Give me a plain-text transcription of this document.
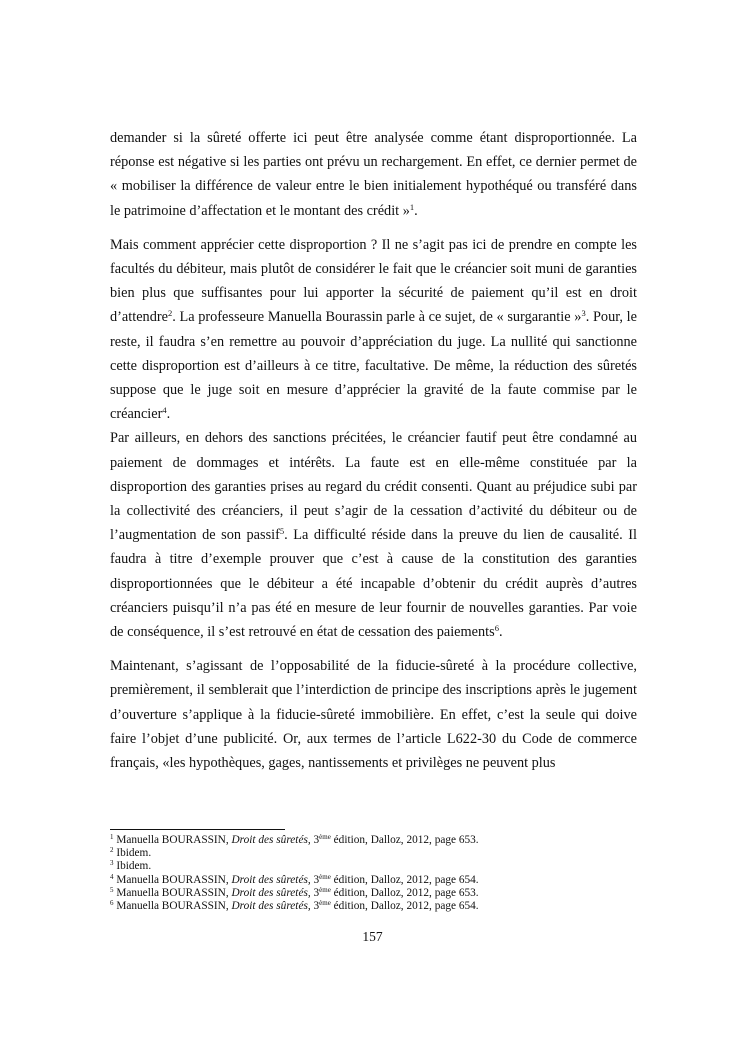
demander si la sûreté offerte ici peut être analysée comme étant disproportionnée. La réponse est négative si les parties ont prévu un rechargement. En effet, ce dernier permet de « mobiliser la différence de valeur entre le bien initialement hypothéqué ou transféré dans le patrimoine d’affectation et le montant des crédit »$^1$.

Mais comment apprécier cette disproportion ? Il ne s’agit pas ici de prendre en compte les facultés du débiteur, mais plutôt de considérer le fait que le créancier soit muni de garanties bien plus que suffisantes pour lui apporter la sécurité de paiement qu’il est en droit d’attendre$^2$. La professeure Manuella Bourassin parle à ce sujet, de « surgarantie »$^3$. Pour, le reste, il faudra s’en remettre au pouvoir d’appréciation du juge. La nullité qui sanctionne cette disproportion est d’ailleurs à ce titre, facultative. De même, la réduction des sûretés suppose que le juge soit en mesure d’apprécier la gravité de la faute commise par le créancier$^4$.

Par ailleurs, en dehors des sanctions précitées, le créancier fautif peut être condamné au paiement de dommages et intérêts. La faute est en elle-même constituée par la disproportion des garanties prises au regard du crédit consenti. Quant au préjudice subi par la collectivité des créanciers, il peut s’agir de la cessation d’activité du débiteur ou de l’augmentation de son passif$^5$. La difficulté réside dans la preuve du lien de causalité. Il faudra à titre d’exemple prouver que c’est à cause de la constitution des garanties disproportionnées que le débiteur a été incapable d’obtenir du crédit auprès d’autres créanciers puisqu’il n’a pas été en mesure de leur fournir de nouvelles garanties. Par voie de conséquence, il s’est retrouvé en état de cessation des paiements$^6$.

Maintenant, s’agissant de l’opposabilité de la fiducie-sûreté à la procédure collective, premièrement, il semblerait que l’interdiction de principe des inscriptions après le jugement d’ouverture s’applique à la fiducie-sûreté immobilière. En effet, c’est la seule qui doive faire l’objet d’une publicité. Or, aux termes de l’article L622-30 du Code de commerce français, «les hypothèques, gages, nantissements et privilèges ne peuvent plus

$^1$ Manuella BOURASSIN, Droit des sûretés, 3ème édition, Dalloz, 2012, page 653.
$^2$ Ibidem.
$^3$ Ibidem.
$^4$ Manuella BOURASSIN, Droit des sûretés, 3ème édition, Dalloz, 2012, page 654.
$^5$ Manuella BOURASSIN, Droit des sûretés, 3ème édition, Dalloz, 2012, page 653.
$^6$ Manuella BOURASSIN, Droit des sûretés, 3ème édition, Dalloz, 2012, page 654.
157
